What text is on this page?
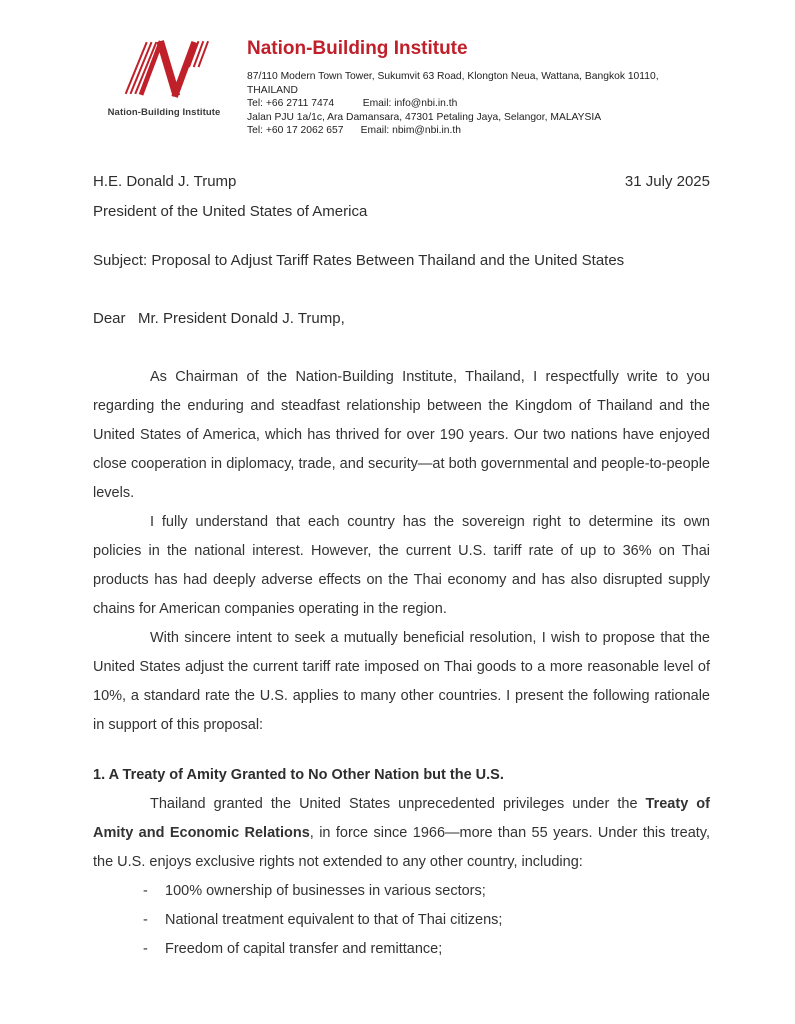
Nation-Building Institute
Nation-Building Institute
87/110 Modern Town Tower, Sukumvit 63 Road, Klongton Neua, Wattana, Bangkok 10110, THAILAND
Tel: +66 2711 7474          Email: info@nbi.in.th
Jalan PJU 1a/1c, Ara Damansara, 47301 Petaling Jaya, Selangor, MALAYSIA
Tel: +60 17 2062 657      Email: nbim@nbi.in.th
H.E. Donald J. Trump	31 July 2025
President of the United States of America
Subject: Proposal to Adjust Tariff Rates Between Thailand and the United States
Dear   Mr. President Donald J. Trump,

As Chairman of the Nation-Building Institute, Thailand, I respectfully write to you regarding the enduring and steadfast relationship between the Kingdom of Thailand and the United States of America, which has thrived for over 190 years. Our two nations have enjoyed close cooperation in diplomacy, trade, and security—at both governmental and people-to-people levels.

I fully understand that each country has the sovereign right to determine its own policies in the national interest. However, the current U.S. tariff rate of up to 36% on Thai products has had deeply adverse effects on the Thai economy and has also disrupted supply chains for American companies operating in the region.

With sincere intent to seek a mutually beneficial resolution, I wish to propose that the United States adjust the current tariff rate imposed on Thai goods to a more reasonable level of 10%, a standard rate the U.S. applies to many other countries. I present the following rationale in support of this proposal:

1. A Treaty of Amity Granted to No Other Nation but the U.S.

Thailand granted the United States unprecedented privileges under the Treaty of Amity and Economic Relations, in force since 1966—more than 55 years. Under this treaty, the U.S. enjoys exclusive rights not extended to any other country, including:

-	100% ownership of businesses in various sectors;
-	National treatment equivalent to that of Thai citizens;
-	Freedom of capital transfer and remittance;
